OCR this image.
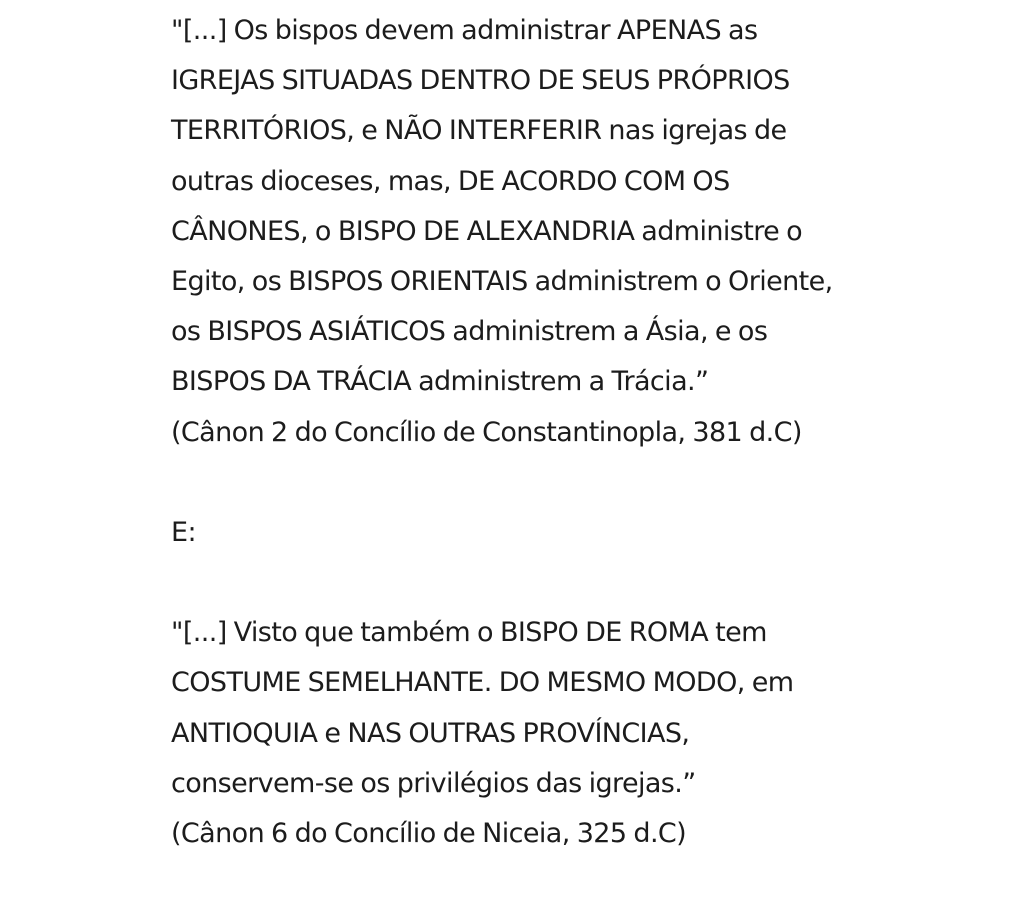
"[...] Os bispos devem administrar APENAS as
IGREJAS SITUADAS DENTRO DE SEUS PRÓPRIOS
TERRITÓRIOS, e NÃO INTERFERIR nas igrejas de
outras dioceses, mas, DE ACORDO COM OS
CÂNONES, o BISPO DE ALEXANDRIA administre o
Egito, os BISPOS ORIENTAIS administrem o Oriente,
os BISPOS ASIÁTICOS administrem a Ásia, e os
BISPOS DA TRÁCIA administrem a Trácia.”
(Cânon 2 do Concílio de Constantinopla, 381 d.C)
E:
"[...] Visto que também o BISPO DE ROMA tem
COSTUME SEMELHANTE. DO MESMO MODO, em
ANTIOQUIA e NAS OUTRAS PROVÍNCIAS,
conservem-se os privilégios das igrejas.”
(Cânon 6 do Concílio de Niceia, 325 d.C)
